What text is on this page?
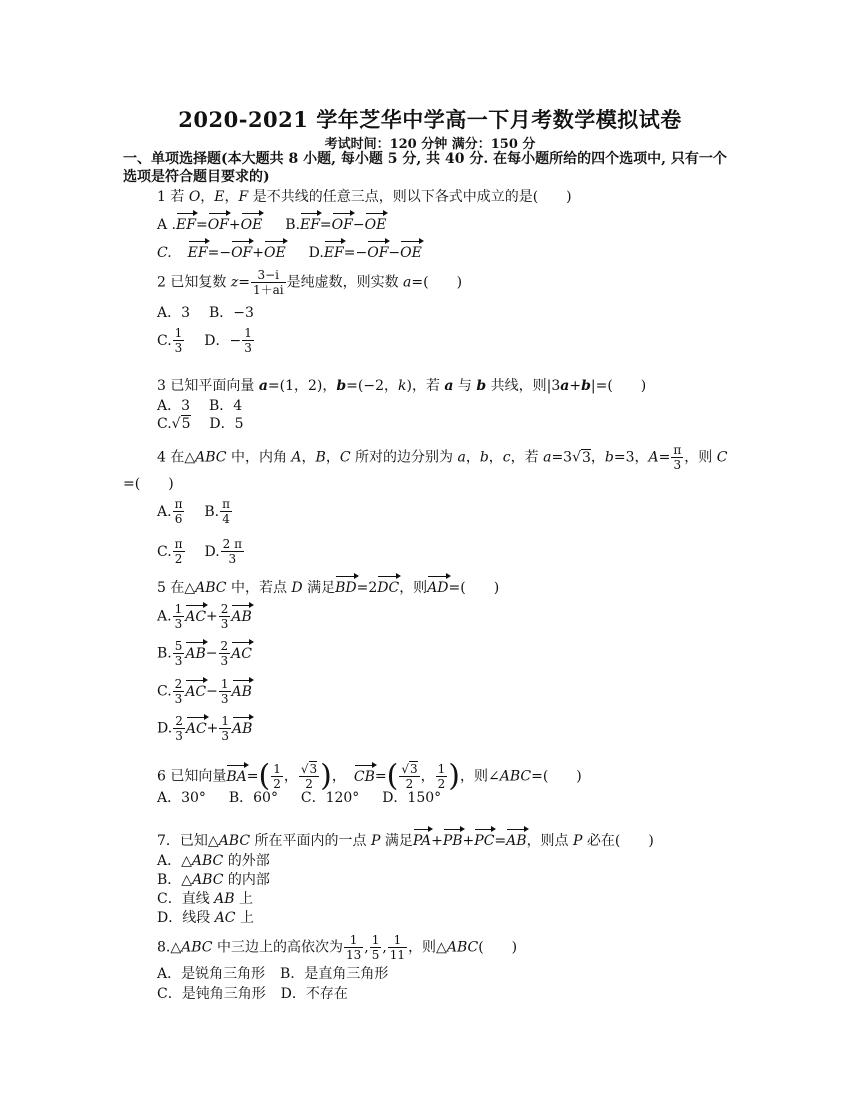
2020-2021 学年芝华中学高一下月考数学模拟试卷
考试时间：120 分钟 满分：150 分
一、单项选择题(本大题共 8 小题, 每小题 5 分, 共 40 分. 在每小题所给的四个选项中, 只有一个
选项是符合题目要求的)
1 若 O，E，F 是不共线的任意三点，则以下各式中成立的是(　　)
A .EF=OF+OE B.EF=OF−OE
C. EF=−OF+OE D.EF=−OF−OE
2 已知复数 $z= \frac{3-i}{1+ai}$ 是纯虚数，则实数 a=(　　)
A．3 B．−3
C. $\frac{1}{3}$ D．− $\frac{1}{3}$
3 已知平面向量 a=(1，2)，b=(−2，k)，若 a 与 b 共线，则|3a+b|=(　　)
A．3 B．4
C.√5 D．5
4 在△ABC 中，内角 A，B，C 所对的边分别为 a，b，c，若 a=3√3，b=3，$A= \frac{\pi}{3}$ ，则 C
=(　　)
A. $\frac{\pi}{6} B$. $\frac{\pi}{4}$
C. $\frac{\pi}{2} D$. $\frac{2 \pi}{3}$
5 在△ABC 中，若点 D 满足BD=2DC，则AD=(　　)
A. $\frac{1}{3} AC+ \frac{2}{3}$ AB
B. $\frac{5}{3} AB- \frac{2}{3}$ AC
C. $\frac{2}{3} AC- \frac{1}{3}$ AB
D. $\frac{2}{3} AC+ \frac{1}{3}$ AB
6 已知向量$BA=( \frac{1}{2}$ ， $\frac{√3}{2}$ )， $CB=( \frac{√3}{2}$ ， $\frac{1}{2}$ )，则∠ABC=(　　)
A．30° B．60° C．120° D．150°
7．已知△ABC 所在平面内的一点 P 满足PA+PB+PC=AB，则点 P 必在(　　)
A．△ABC 的外部
B．△ABC 的内部
C．直线 AB 上
D．线段 AC 上
8.△ABC 中三边上的高依次为 $\frac{1}{13}$ , $\frac{1}{5}$ , $\frac{1}{11}$ ，则△ABC(　　)
A．是锐角三角形 B．是直角三角形
C．是钝角三角形 D．不存在
